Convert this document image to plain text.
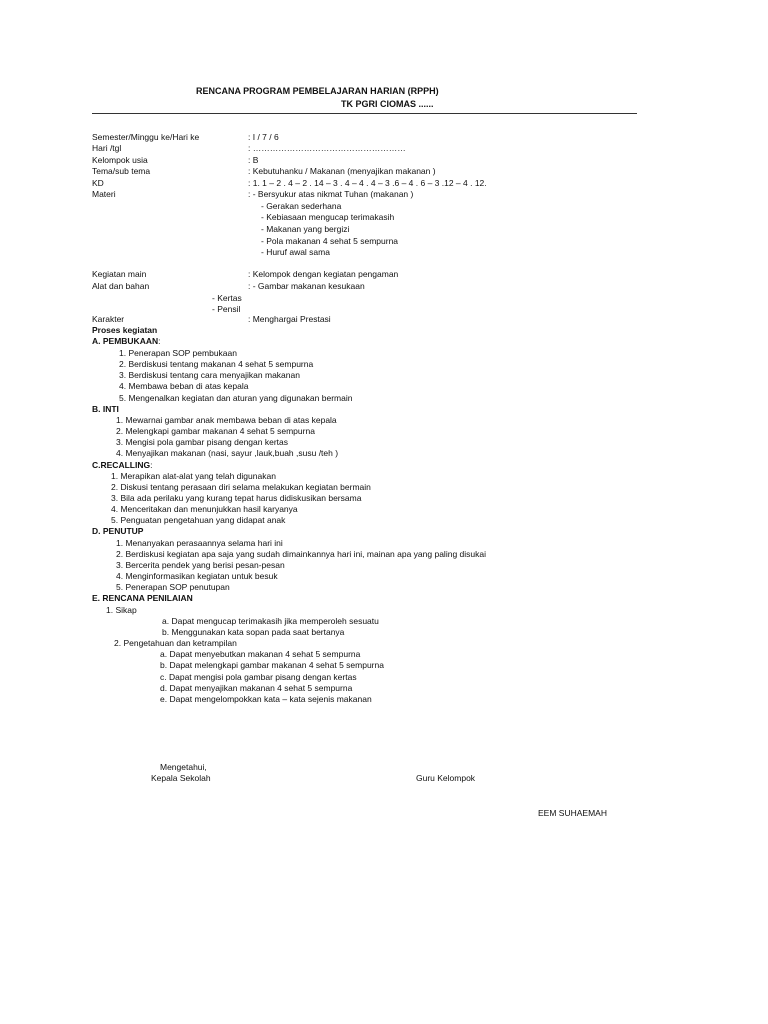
RENCANA PROGRAM PEMBELAJARAN HARIAN (RPPH)
TK PGRI CIOMAS ......
Semester/Minggu ke/Hari ke	: I / 7 / 6
Hari /tgl	: ………………………………………………
Kelompok usia	: B
Tema/sub tema	: Kebutuhanku / Makanan (menyajikan makanan )
KD	: 1. 1 – 2 . 4 – 2 . 14 – 3 . 4 – 4 . 4 – 3 .6 – 4 . 6 – 3 .12 – 4 . 12.
Materi	: - Bersyukur atas nikmat Tuhan (makanan )
- Gerakan sederhana
- Kebiasaan mengucap terimakasih
- Makanan yang bergizi
- Pola makanan 4 sehat 5 sempurna
- Huruf awal sama
Kegiatan main	: Kelompok dengan kegiatan pengaman
Alat dan bahan	: - Gambar makanan kesukaan
- Kertas
- Pensil
Karakter	: Menghargai Prestasi
Proses kegiatan
A. PEMBUKAAN:
1. Penerapan SOP pembukaan
2. Berdiskusi tentang makanan 4 sehat 5 sempurna
3. Berdiskusi tentang cara menyajikan makanan
4. Membawa beban di atas kepala
5. Mengenalkan kegiatan dan aturan yang digunakan bermain
B. INTI
1. Mewarnai gambar anak membawa beban di atas kepala
2. Melengkapi gambar makanan 4 sehat 5 sempurna
3. Mengisi pola gambar pisang dengan kertas
4. Menyajikan makanan (nasi, sayur ,lauk,buah ,susu /teh )
C.RECALLING:
1. Merapikan alat-alat yang telah digunakan
2. Diskusi tentang perasaan diri selama melakukan kegiatan bermain
3. Bila ada perilaku yang kurang tepat harus didiskusikan bersama
4. Menceritakan dan menunjukkan hasil karyanya
5. Penguatan pengetahuan yang didapat anak
D. PENUTUP
1. Menanyakan perasaannya selama hari ini
2. Berdiskusi kegiatan apa saja yang sudah dimainkannya hari ini, mainan apa yang paling disukai
3. Bercerita pendek yang berisi pesan-pesan
4. Menginformasikan kegiatan untuk besuk
5. Penerapan SOP penutupan
E. RENCANA PENILAIAN
1. Sikap
a. Dapat mengucap terimakasih jika memperoleh sesuatu
b. Menggunakan kata sopan pada saat bertanya
2. Pengetahuan dan ketrampilan
a. Dapat menyebutkan makanan 4 sehat 5 sempurna
b. Dapat melengkapi gambar makanan 4 sehat 5 sempurna
c. Dapat mengisi pola gambar pisang dengan kertas
d. Dapat menyajikan makanan 4 sehat 5 sempurna
e. Dapat mengelompokkan kata – kata sejenis makanan
Mengetahui,
Kepala Sekolah	Guru Kelompok
EEM SUHAEMAH
